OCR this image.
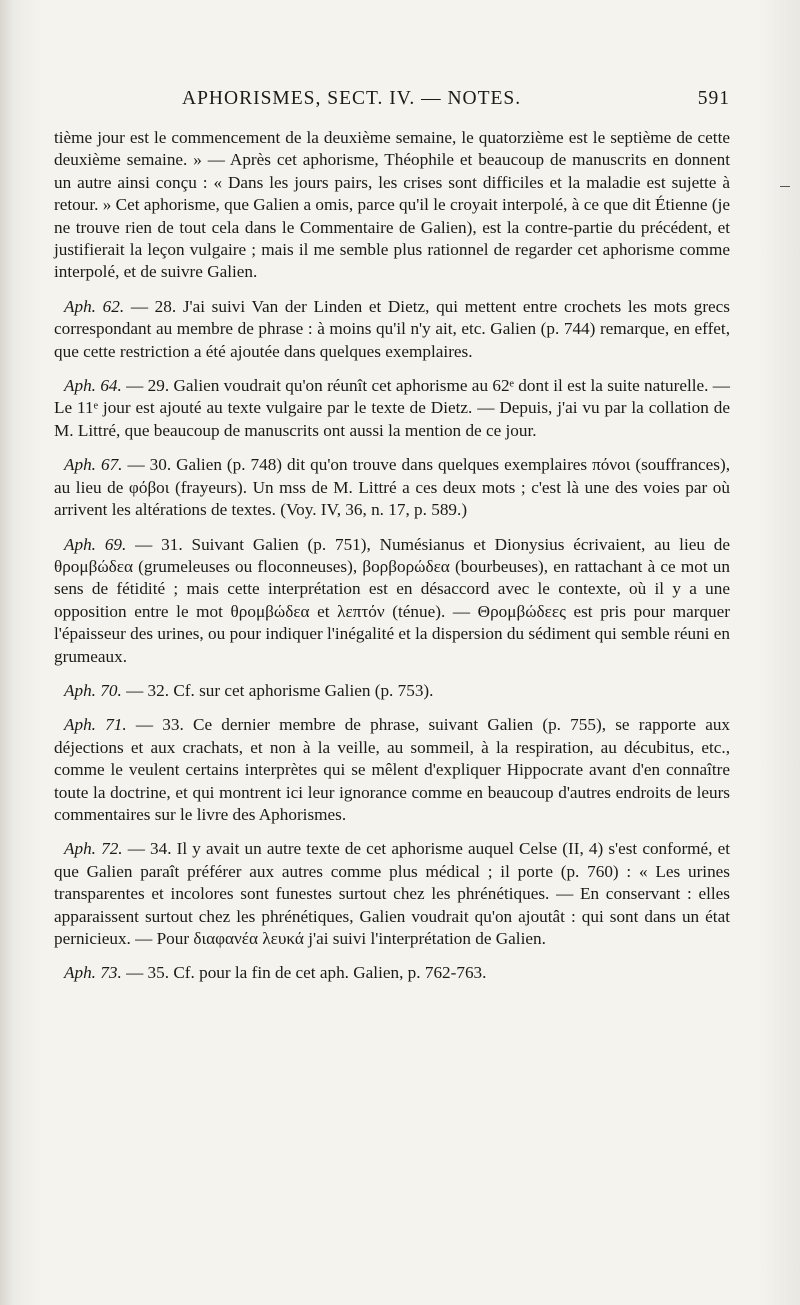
APHORISMES, SECT. IV. — NOTES.	591

tième jour est le commencement de la deuxième semaine, le quatorzième est le septième de cette deuxième semaine. » — Après cet aphorisme, Théophile et beaucoup de manuscrits en donnent un autre ainsi conçu : « Dans les jours pairs, les crises sont difficiles et la maladie est sujette à retour. » Cet aphorisme, que Galien a omis, parce qu'il le croyait interpolé, à ce que dit Étienne (je ne trouve rien de tout cela dans le Commentaire de Galien), est la contre-partie du précédent, et justifierait la leçon vulgaire ; mais il me semble plus rationnel de regarder cet aphorisme comme interpolé, et de suivre Galien.

Aph. 62. — 28. J'ai suivi Van der Linden et Dietz, qui mettent entre crochets les mots grecs correspondant au membre de phrase : à moins qu'il n'y ait, etc. Galien (p. 744) remarque, en effet, que cette restriction a été ajoutée dans quelques exemplaires.

Aph. 64. — 29. Galien voudrait qu'on réunît cet aphorisme au 62ᵉ dont il est la suite naturelle. — Le 11ᵉ jour est ajouté au texte vulgaire par le texte de Dietz. — Depuis, j'ai vu par la collation de M. Littré, que beaucoup de manuscrits ont aussi la mention de ce jour.

Aph. 67. — 30. Galien (p. 748) dit qu'on trouve dans quelques exemplaires πόνοι (souffrances), au lieu de φόβοι (frayeurs). Un mss de M. Littré a ces deux mots ; c'est là une des voies par où arrivent les altérations de textes. (Voy. IV, 36, n. 17, p. 589.)

Aph. 69. — 31. Suivant Galien (p. 751), Numésianus et Dionysius écrivaient, au lieu de θρομβώδεα (grumeleuses ou floconneuses), βορβορώδεα (bourbeuses), en rattachant à ce mot un sens de fétidité ; mais cette interprétation est en désaccord avec le contexte, où il y a une opposition entre le mot θρομβώδεα et λεπτόν (ténue). — Θρομβώδεες est pris pour marquer l'épaisseur des urines, ou pour indiquer l'inégalité et la dispersion du sédiment qui semble réuni en grumeaux.

Aph. 70. — 32. Cf. sur cet aphorisme Galien (p. 753).

Aph. 71. — 33. Ce dernier membre de phrase, suivant Galien (p. 755), se rapporte aux déjections et aux crachats, et non à la veille, au sommeil, à la respiration, au décubitus, etc., comme le veulent certains interprètes qui se mêlent d'expliquer Hippocrate avant d'en connaître toute la doctrine, et qui montrent ici leur ignorance comme en beaucoup d'autres endroits de leurs commentaires sur le livre des Aphorismes.

Aph. 72. — 34. Il y avait un autre texte de cet aphorisme auquel Celse (II, 4) s'est conformé, et que Galien paraît préférer aux autres comme plus médical ; il porte (p. 760) : « Les urines transparentes et incolores sont funestes surtout chez les phrénétiques. — En conservant : elles apparaissent surtout chez les phrénétiques, Galien voudrait qu'on ajoutât : qui sont dans un état pernicieux. — Pour διαφανέα λευκά j'ai suivi l'interprétation de Galien.

Aph. 73. — 35. Cf. pour la fin de cet aph. Galien, p. 762-763.
